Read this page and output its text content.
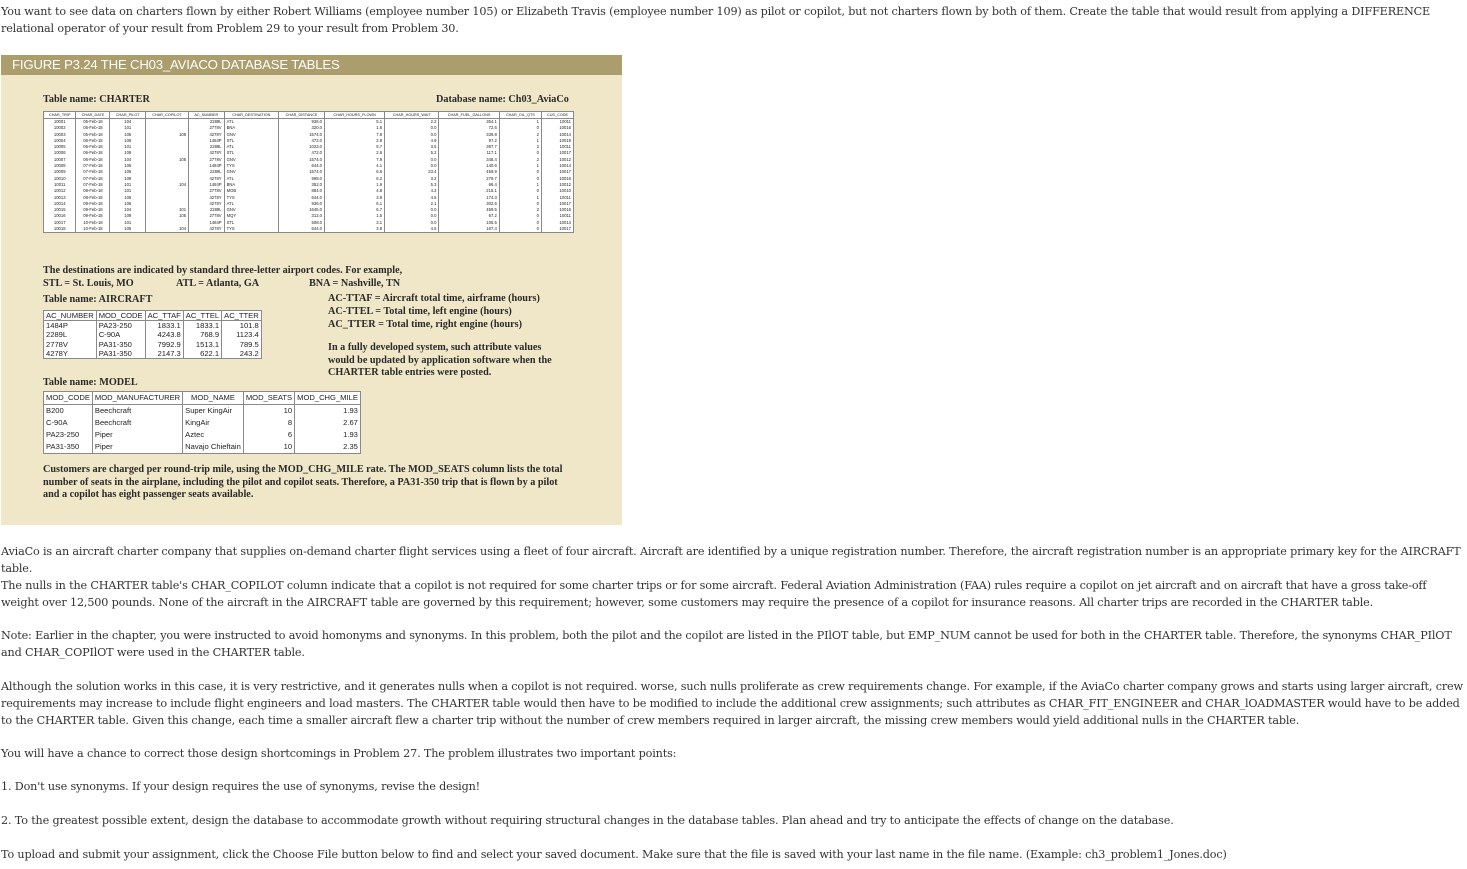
You want to see data on charters flown by either Robert Williams (employee number 105) or Elizabeth Travis (employee number 109) as pilot or copilot, but not charters flown by both of them. Create the table that would result from applying a DIFFERENCE relational operator of your result from Problem 29 to your result from Problem 30.
FIGURE P3.24 THE CH03_AVIACO DATABASE TABLES
Table name: CHARTER	Database name: Ch03_AviaCo
CHAR_TRIP	CHAR_DATE	CHAR_PILOT	CHAR_COPILOT	AC_NUMBER	CHAR_DESTINATION	CHAR_DISTANCE	CHAR_HOURS_FLOWN	CHAR_HOURS_WAIT	CHAR_FUEL_GALLONS	CHAR_OIL_QTS	CUS_CODE
10001	05-Feb-18	104		2289L	ATL	936.0	5.1	2.2	354.1	1	10011
10002	05-Feb-18	101		2778V	BNA	320.0	1.6	0.0	72.6	0	10016
10003	05-Feb-18	105	109	4278Y	GNV	1574.0	7.8	0.0	339.8	2	10014
10004	06-Feb-18	106		1484P	STL	472.0	2.9	4.9	97.2	1	10019
10005	06-Feb-18	101		2289L	ATL	1023.0	5.7	3.5	397.7	2	10011
10006	06-Feb-18	109		4278Y	STL	472.0	2.6	5.2	117.1	0	10017
10007	06-Feb-18	104	105	2778V	GNV	1574.0	7.9	0.0	348.4	2	10012
10008	07-Feb-18	106		1484P	TYS	644.0	4.1	0.0	140.6	1	10014
10009	07-Feb-18	105		2289L	GNV	1574.0	6.6	23.4	459.9	0	10017
10010	07-Feb-18	109		4278Y	ATL	998.0	6.2	3.2	279.7	0	10016
10011	07-Feb-18	101	104	1484P	BNA	352.0	1.9	5.3	66.4	1	10012
10012	08-Feb-18	101		2778V	MOB	884.0	4.8	4.2	215.1	0	10010
10013	08-Feb-18	105		4278Y	TYS	644.0	3.9	4.5	174.3	1	10011
10014	09-Feb-18	106		4278Y	ATL	936.0	6.1	2.1	302.6	0	10017
10015	09-Feb-18	104	101	2289L	GNV	1645.0	6.7	0.0	459.5	2	10016
10016	09-Feb-18	109	105	2778V	MQY	312.0	1.5	0.0	67.2	0	10011
10017	10-Feb-18	101		1484P	STL	508.0	3.1	0.0	105.5	0	10014
10018	10-Feb-18	105	104	4278Y	TYS	644.0	3.8	4.5	167.4	0	10017
The destinations are indicated by standard three-letter airport codes. For example,
STL = St. Louis, MO	ATL = Atlanta, GA	BNA = Nashville, TN
Table name: AIRCRAFT
AC_NUMBER	MOD_CODE	AC_TTAF	AC_TTEL	AC_TTER
1484P	PA23-250	1833.1	1833.1	101.8
2289L	C-90A	4243.8	768.9	1123.4
2778V	PA31-350	7992.9	1513.1	789.5
4278Y	PA31-350	2147.3	622.1	243.2
AC-TTAF = Aircraft total time, airframe (hours)
AC-TTEL = Total time, left engine (hours)
AC_TTER = Total time, right engine (hours)
In a fully developed system, such attribute values would be updated by application software when the CHARTER table entries were posted.
Table name: MODEL
MOD_CODE	MOD_MANUFACTURER	MOD_NAME	MOD_SEATS	MOD_CHG_MILE
B200	Beechcraft	Super KingAir	10	1.93
C-90A	Beechcraft	KingAir	8	2.67
PA23-250	Piper	Aztec	6	1.93
PA31-350	Piper	Navajo Chieftain	10	2.35
Customers are charged per round-trip mile, using the MOD_CHG_MILE rate. The MOD_SEATS column lists the total number of seats in the airplane, including the pilot and copilot seats. Therefore, a PA31-350 trip that is flown by a pilot and a copilot has eight passenger seats available.
AviaCo is an aircraft charter company that supplies on-demand charter flight services using a fleet of four aircraft. Aircraft are identified by a unique registration number. Therefore, the aircraft registration number is an appropriate primary key for the AIRCRAFT table.
The nulls in the CHARTER table's CHAR_COPILOT column indicate that a copilot is not required for some charter trips or for some aircraft. Federal Aviation Administration (FAA) rules require a copilot on jet aircraft and on aircraft that have a gross take-off weight over 12,500 pounds. None of the aircraft in the AIRCRAFT table are governed by this requirement; however, some customers may require the presence of a copilot for insurance reasons. All charter trips are recorded in the CHARTER table.
Note: Earlier in the chapter, you were instructed to avoid homonyms and synonyms. In this problem, both the pilot and the copilot are listed in the PIlOT table, but EMP_NUM cannot be used for both in the CHARTER table. Therefore, the synonyms CHAR_PIlOT and CHAR_COPIlOT were used in the CHARTER table.
Although the solution works in this case, it is very restrictive, and it generates nulls when a copilot is not required. worse, such nulls proliferate as crew requirements change. For example, if the AviaCo charter company grows and starts using larger aircraft, crew requirements may increase to include flight engineers and load masters. The CHARTER table would then have to be modified to include the additional crew assignments; such attributes as CHAR_FIT_ENGINEER and CHAR_lOADMASTER would have to be added to the CHARTER table. Given this change, each time a smaller aircraft flew a charter trip without the number of crew members required in larger aircraft, the missing crew members would yield additional nulls in the CHARTER table.
You will have a chance to correct those design shortcomings in Problem 27. The problem illustrates two important points:
1. Don't use synonyms. If your design requires the use of synonyms, revise the design!
2. To the greatest possible extent, design the database to accommodate growth without requiring structural changes in the database tables. Plan ahead and try to anticipate the effects of change on the database.
To upload and submit your assignment, click the Choose File button below to find and select your saved document. Make sure that the file is saved with your last name in the file name. (Example: ch3_problem1_Jones.doc)
